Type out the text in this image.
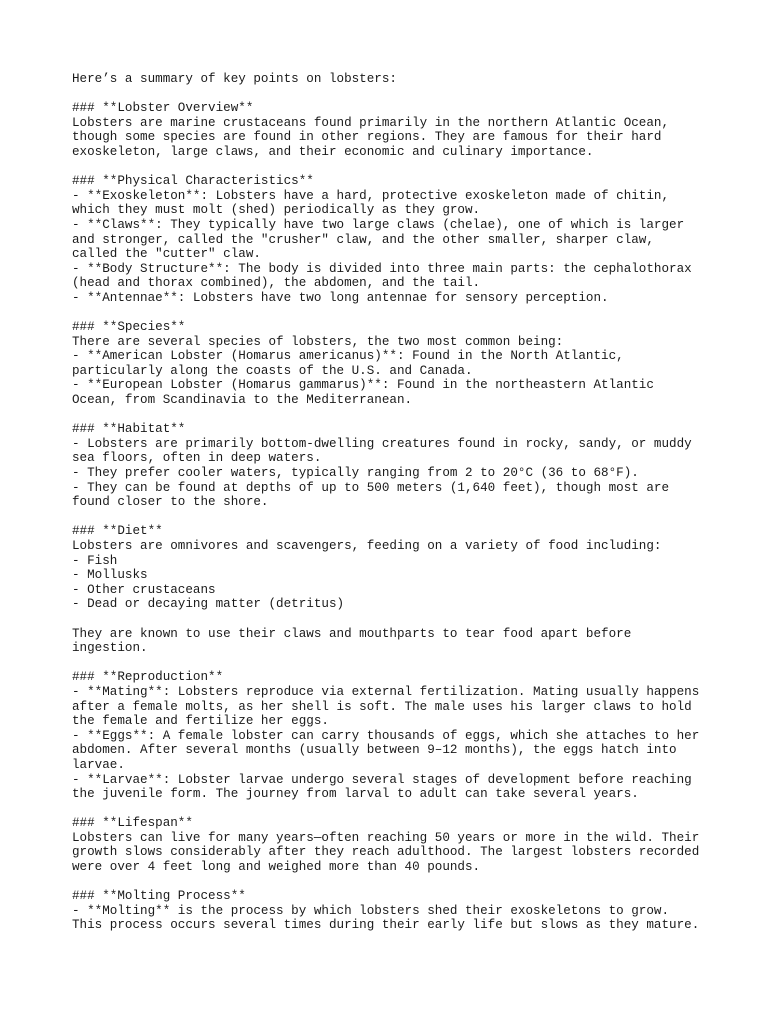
Here’s a summary of key points on lobsters:
### **Lobster Overview**
Lobsters are marine crustaceans found primarily in the northern Atlantic Ocean,
though some species are found in other regions. They are famous for their hard
exoskeleton, large claws, and their economic and culinary importance.
### **Physical Characteristics**
- **Exoskeleton**: Lobsters have a hard, protective exoskeleton made of chitin,
which they must molt (shed) periodically as they grow.
- **Claws**: They typically have two large claws (chelae), one of which is larger
and stronger, called the "crusher" claw, and the other smaller, sharper claw,
called the "cutter" claw.
- **Body Structure**: The body is divided into three main parts: the cephalothorax
(head and thorax combined), the abdomen, and the tail.
- **Antennae**: Lobsters have two long antennae for sensory perception.
### **Species**
There are several species of lobsters, the two most common being:
- **American Lobster (Homarus americanus)**: Found in the North Atlantic,
particularly along the coasts of the U.S. and Canada.
- **European Lobster (Homarus gammarus)**: Found in the northeastern Atlantic
Ocean, from Scandinavia to the Mediterranean.
### **Habitat**
- Lobsters are primarily bottom-dwelling creatures found in rocky, sandy, or muddy
sea floors, often in deep waters.
- They prefer cooler waters, typically ranging from 2 to 20°C (36 to 68°F).
- They can be found at depths of up to 500 meters (1,640 feet), though most are
found closer to the shore.
### **Diet**
Lobsters are omnivores and scavengers, feeding on a variety of food including:
- Fish
- Mollusks
- Other crustaceans
- Dead or decaying matter (detritus)
They are known to use their claws and mouthparts to tear food apart before
ingestion.
### **Reproduction**
- **Mating**: Lobsters reproduce via external fertilization. Mating usually happens
after a female molts, as her shell is soft. The male uses his larger claws to hold
the female and fertilize her eggs.
- **Eggs**: A female lobster can carry thousands of eggs, which she attaches to her
abdomen. After several months (usually between 9–12 months), the eggs hatch into
larvae.
- **Larvae**: Lobster larvae undergo several stages of development before reaching
the juvenile form. The journey from larval to adult can take several years.
### **Lifespan**
Lobsters can live for many years—often reaching 50 years or more in the wild. Their
growth slows considerably after they reach adulthood. The largest lobsters recorded
were over 4 feet long and weighed more than 40 pounds.
### **Molting Process**
- **Molting** is the process by which lobsters shed their exoskeletons to grow.
This process occurs several times during their early life but slows as they mature.
